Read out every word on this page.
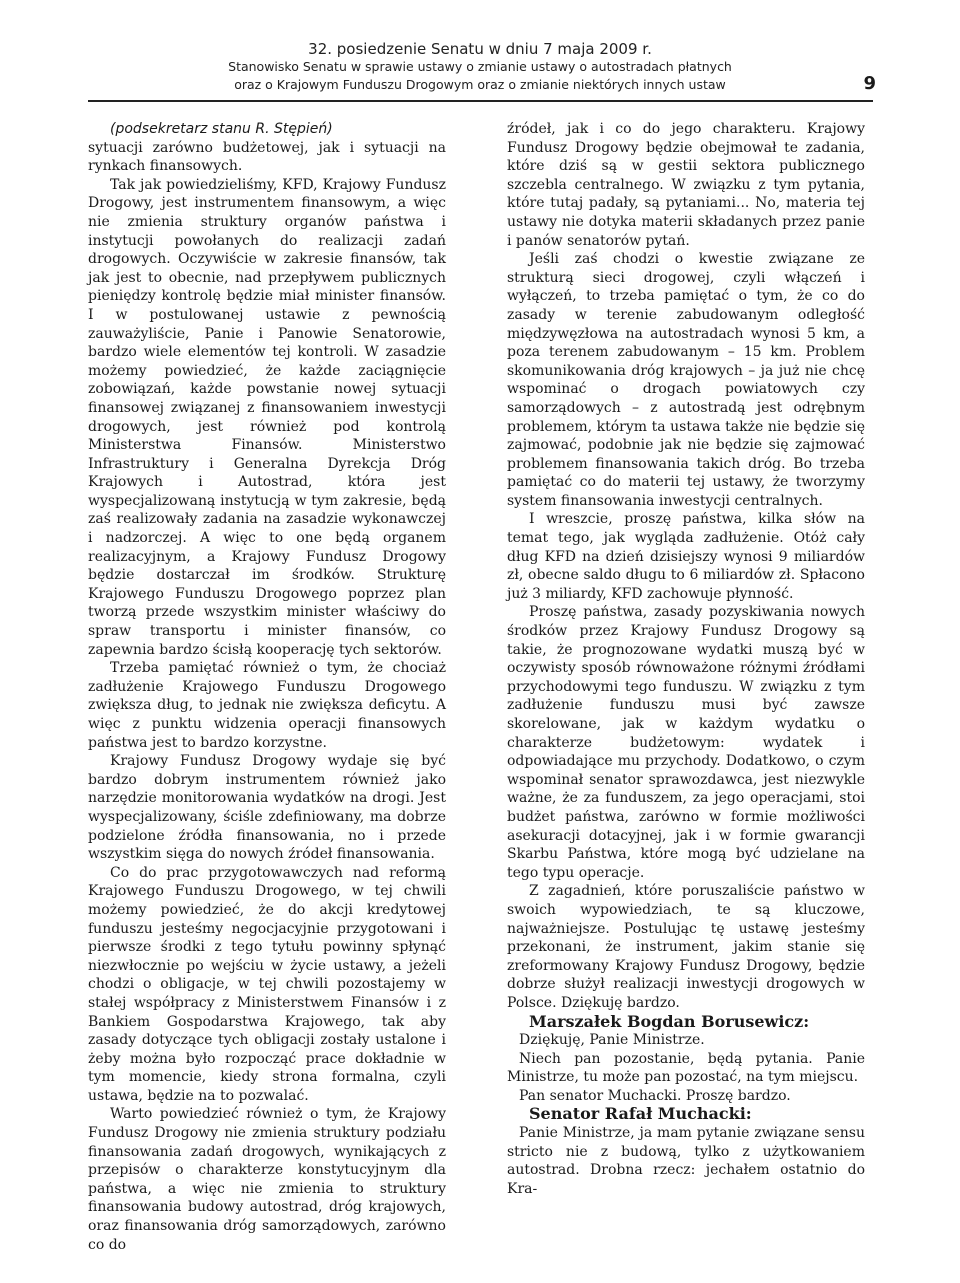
32. posiedzenie Senatu w dniu 7 maja 2009 r.
Stanowisko Senatu w sprawie ustawy o zmianie ustawy o autostradach płatnych
oraz o Krajowym Funduszu Drogowym oraz o zmianie niektórych innych ustaw	9

(podsekretarz stanu R. Stępień)

sytuacji zarówno budżetowej, jak i sytuacji na rynkach finansowych.

Tak jak powiedzieliśmy, KFD, Krajowy Fundusz Drogowy, jest instrumentem finansowym, a więc nie zmienia struktury organów państwa i instytucji powołanych do realizacji zadań drogowych. Oczywiście w zakresie finansów, tak jak jest to obecnie, nad przepływem publicznych pieniędzy kontrolę będzie miał minister finansów. I w postulowanej ustawie z pewnością zauważyliście, Panie i Panowie Senatorowie, bardzo wiele elementów tej kontroli. W zasadzie możemy powiedzieć, że każde zaciągnięcie zobowiązań, każde powstanie nowej sytuacji finansowej związanej z finansowaniem inwestycji drogowych, jest również pod kontrolą Ministerstwa Finansów. Ministerstwo Infrastruktury i Generalna Dyrekcja Dróg Krajowych i Autostrad, która jest wyspecjalizowaną instytucją w tym zakresie, będą zaś realizowały zadania na zasadzie wykonawczej i nadzorczej. A więc to one będą organem realizacyjnym, a Krajowy Fundusz Drogowy będzie dostarczał im środków. Strukturę Krajowego Funduszu Drogowego poprzez plan tworzą przede wszystkim minister właściwy do spraw transportu i minister finansów, co zapewnia bardzo ścisłą kooperację tych sektorów.

Trzeba pamiętać również o tym, że chociaż zadłużenie Krajowego Funduszu Drogowego zwiększa dług, to jednak nie zwiększa deficytu. A więc z punktu widzenia operacji finansowych państwa jest to bardzo korzystne.

Krajowy Fundusz Drogowy wydaje się być bardzo dobrym instrumentem również jako narzędzie monitorowania wydatków na drogi. Jest wyspecjalizowany, ściśle zdefiniowany, ma dobrze podzielone źródła finansowania, no i przede wszystkim sięga do nowych źródeł finansowania.

Co do prac przygotowawczych nad reformą Krajowego Funduszu Drogowego, w tej chwili możemy powiedzieć, że do akcji kredytowej funduszu jesteśmy negocjacyjnie przygotowani i pierwsze środki z tego tytułu powinny spłynąć niezwłocznie po wejściu w życie ustawy, a jeżeli chodzi o obligacje, w tej chwili pozostajemy w stałej współpracy z Ministerstwem Finansów i z Bankiem Gospodarstwa Krajowego, tak aby zasady dotyczące tych obligacji zostały ustalone i żeby można było rozpocząć prace dokładnie w tym momencie, kiedy strona formalna, czyli ustawa, będzie na to pozwalać.

Warto powiedzieć również o tym, że Krajowy Fundusz Drogowy nie zmienia struktury podziału finansowania zadań drogowych, wynikających z przepisów o charakterze konstytucyjnym dla państwa, a więc nie zmienia to struktury finansowania budowy autostrad, dróg krajowych, oraz finansowania dróg samorządowych, zarówno co do

źródeł, jak i co do jego charakteru. Krajowy Fundusz Drogowy będzie obejmował te zadania, które dziś są w gestii sektora publicznego szczebla centralnego. W związku z tym pytania, które tutaj padały, są pytaniami... No, materia tej ustawy nie dotyka materii składanych przez panie i panów senatorów pytań.

Jeśli zaś chodzi o kwestie związane ze strukturą sieci drogowej, czyli włączeń i wyłączeń, to trzeba pamiętać o tym, że co do zasady w terenie zabudowanym odległość międzywęzłowa na autostradach wynosi 5 km, a poza terenem zabudowanym – 15 km. Problem skomunikowania dróg krajowych – ja już nie chcę wspominać o drogach powiatowych czy samorządowych – z autostradą jest odrębnym problemem, którym ta ustawa także nie będzie się zajmować, podobnie jak nie będzie się zajmować problemem finansowania takich dróg. Bo trzeba pamiętać co do materii tej ustawy, że tworzymy system finansowania inwestycji centralnych.

I wreszcie, proszę państwa, kilka słów na temat tego, jak wygląda zadłużenie. Otóż cały dług KFD na dzień dzisiejszy wynosi 9 miliardów zł, obecne saldo długu to 6 miliardów zł. Spłacono już 3 miliardy, KFD zachowuje płynność.

Proszę państwa, zasady pozyskiwania nowych środków przez Krajowy Fundusz Drogowy są takie, że prognozowane wydatki muszą być w oczywisty sposób równoważone różnymi źródłami przychodowymi tego funduszu. W związku z tym zadłużenie funduszu musi być zawsze skorelowane, jak w każdym wydatku o charakterze budżetowym: wydatek i odpowiadające mu przychody. Dodatkowo, o czym wspominał senator sprawozdawca, jest niezwykle ważne, że za funduszem, za jego operacjami, stoi budżet państwa, zarówno w formie możliwości asekuracji dotacyjnej, jak i w formie gwarancji Skarbu Państwa, które mogą być udzielane na tego typu operacje.

Z zagadnień, które poruszaliście państwo w swoich wypowiedziach, te są kluczowe, najważniejsze. Postulując tę ustawę jesteśmy przekonani, że instrument, jakim stanie się zreformowany Krajowy Fundusz Drogowy, będzie dobrze służył realizacji inwestycji drogowych w Polsce. Dziękuję bardzo.

Marszałek Bogdan Borusewicz:

Dziękuję, Panie Ministrze.

Niech pan pozostanie, będą pytania. Panie Ministrze, tu może pan pozostać, na tym miejscu.

Pan senator Muchacki. Proszę bardzo.

Senator Rafał Muchacki:

Panie Ministrze, ja mam pytanie związane sensu stricto nie z budową, tylko z użytkowaniem autostrad. Drobna rzecz: jechałem ostatnio do Kra-
